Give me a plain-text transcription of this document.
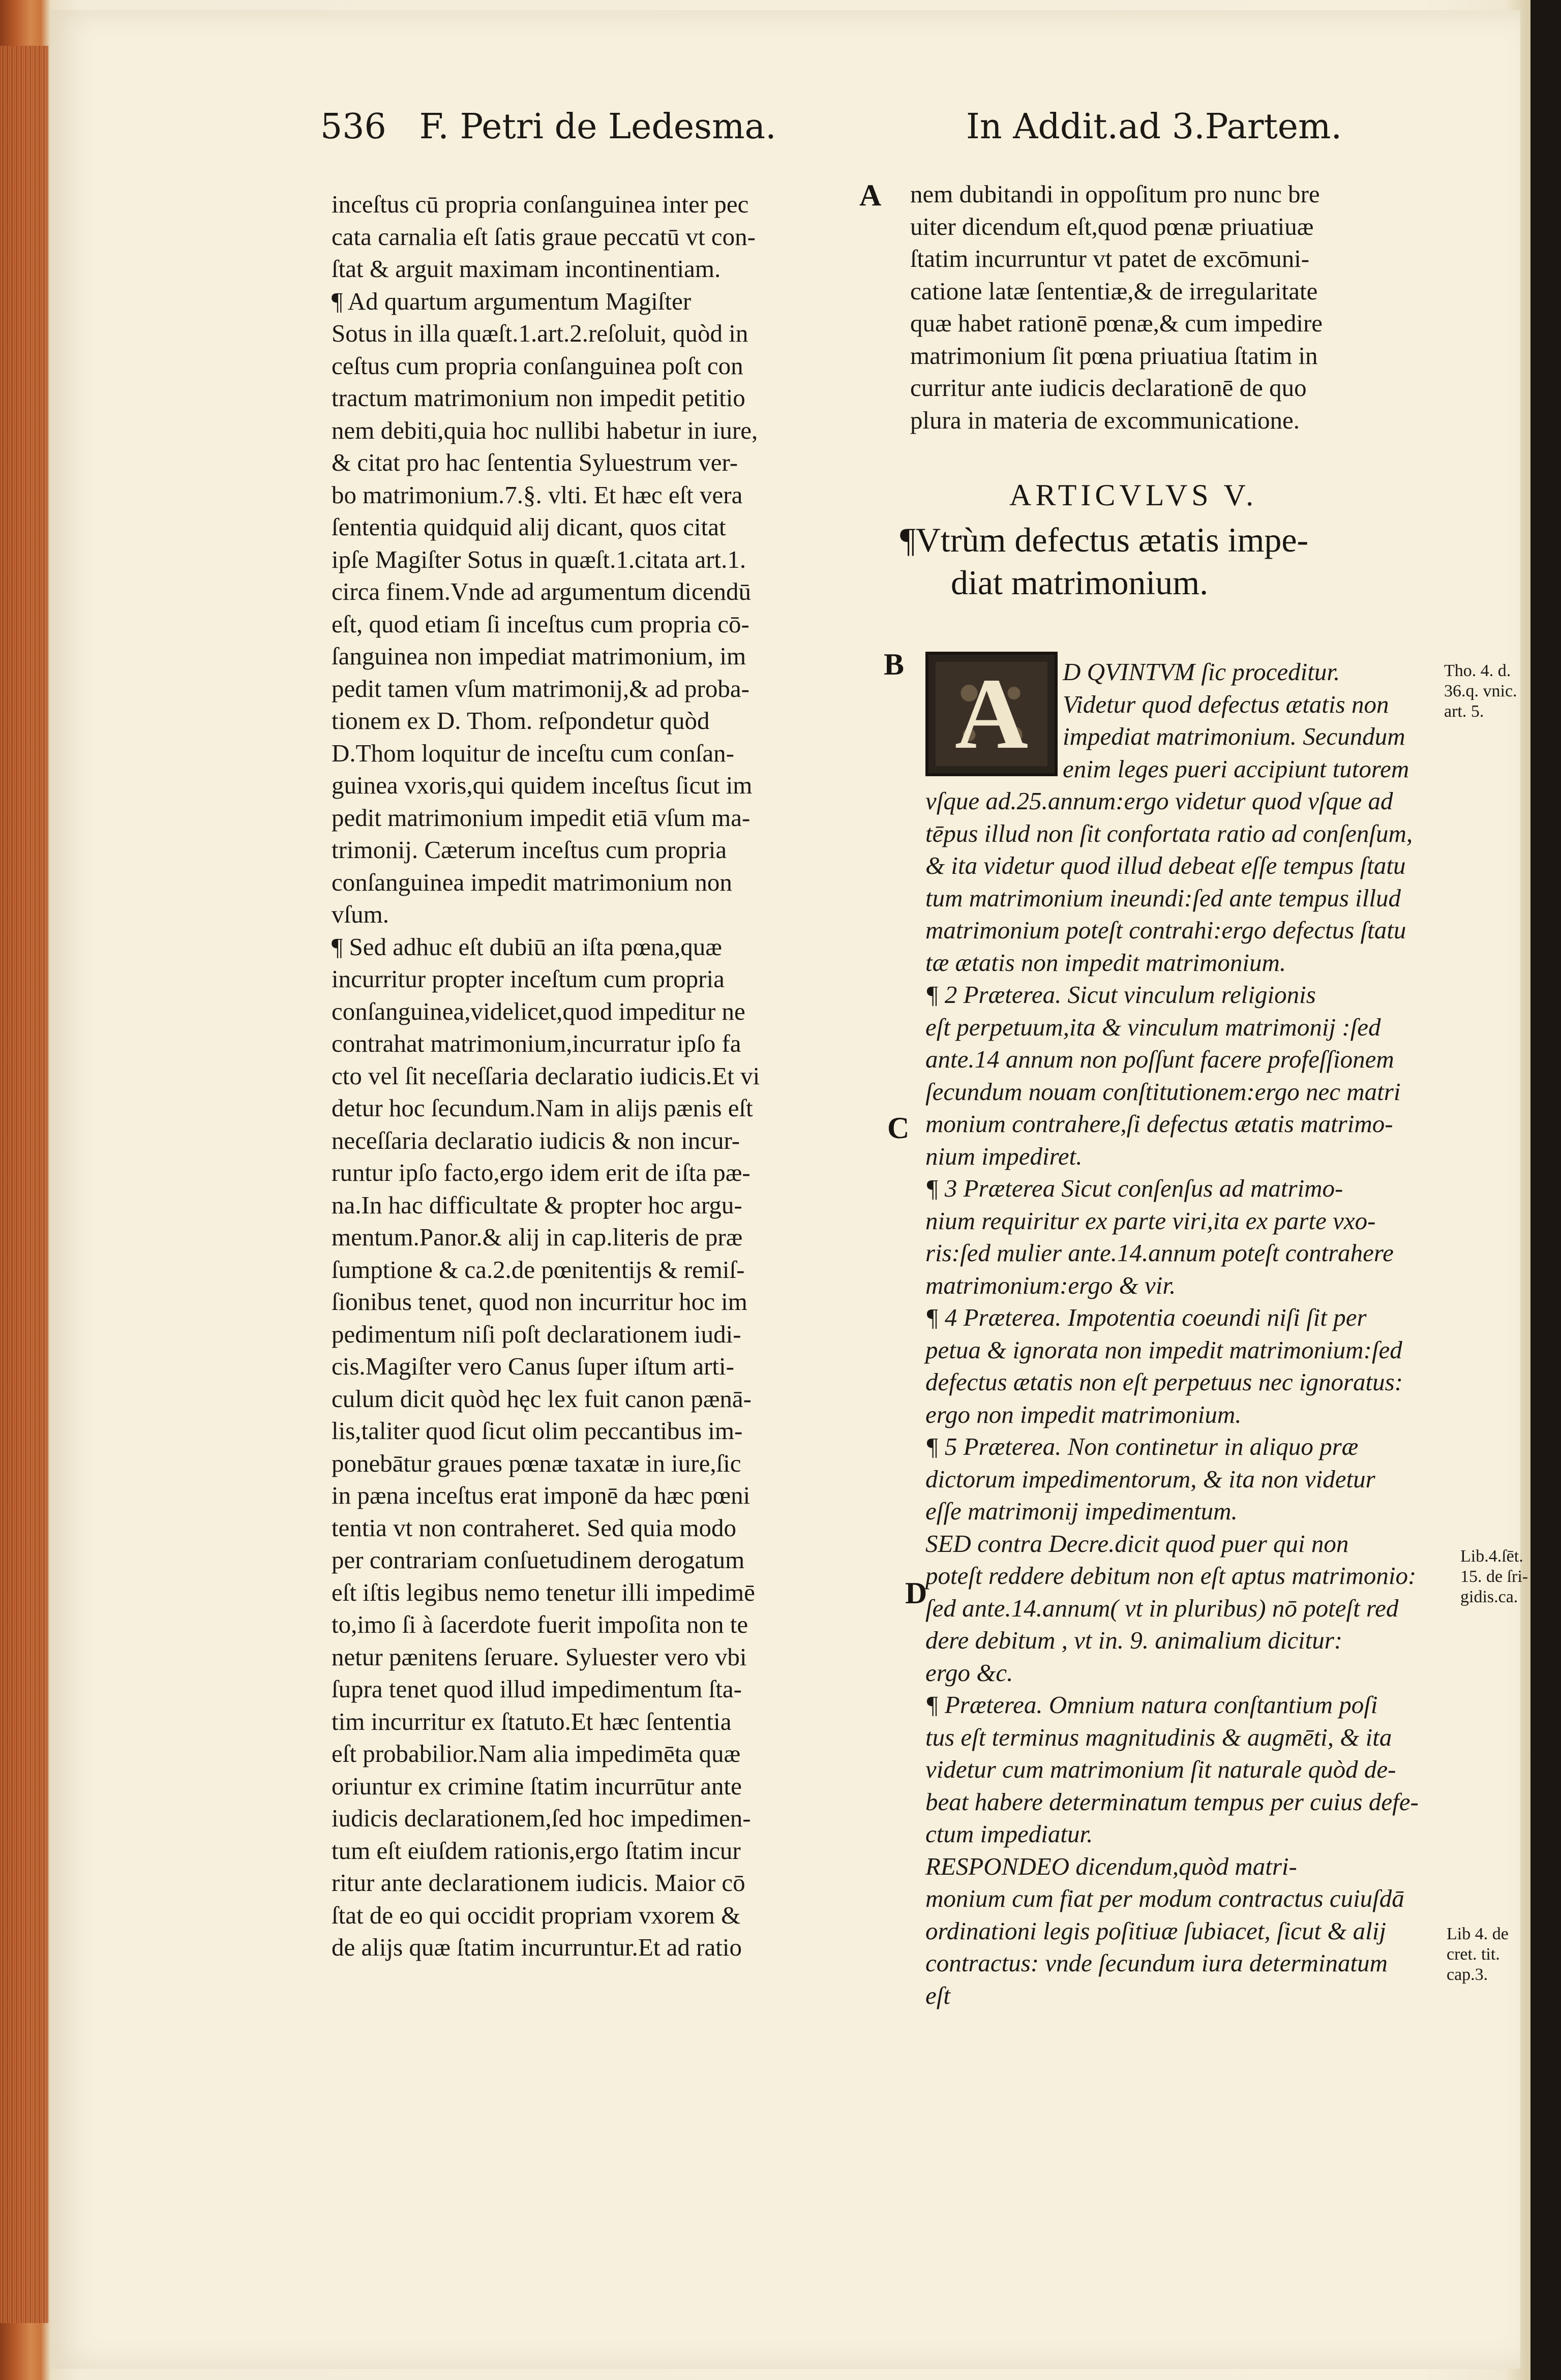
536 F. Petri de Ledesma.	In Addit.ad 3.Partem.
A
B
C
D
inceſtus cū propria conſanguinea inter pec
cata carnalia eſt ſatis graue peccatū vt con-
ſtat & arguit maximam incontinentiam.
¶ Ad quartum argumentum Magiſter
Sotus in illa quæſt.1.art.2.reſoluit, quòd in
ceſtus cum propria conſanguinea poſt con
tractum matrimonium non impedit petitio
nem debiti,quia hoc nullibi habetur in iure,
& citat pro hac ſententia Syluestrum ver-
bo matrimonium.7.§. vlti. Et hæc eſt vera
ſententia quidquid alij dicant, quos citat
ipſe Magiſter Sotus in quæſt.1.citata art.1.
circa finem.Vnde ad argumentum dicendū
eſt, quod etiam ſi inceſtus cum propria cō-
ſanguinea non impediat matrimonium, im
pedit tamen vſum matrimonij,& ad proba-
tionem ex D. Thom. reſpondetur quòd
D.Thom loquitur de inceſtu cum conſan-
guinea vxoris,qui quidem inceſtus ſicut im
pedit matrimonium impedit etiā vſum ma-
trimonij. Cæterum inceſtus cum propria
conſanguinea impedit matrimonium non
vſum.
¶ Sed adhuc eſt dubiū an iſta pœna,quæ
incurritur propter inceſtum cum propria
conſanguinea,videlicet,quod impeditur ne
contrahat matrimonium,incurratur ipſo fa
cto vel ſit neceſſaria declaratio iudicis.Et vi
detur hoc ſecundum.Nam in alijs pænis eſt
neceſſaria declaratio iudicis & non incur-
runtur ipſo facto,ergo idem erit de iſta pæ-
na.In hac difficultate & propter hoc argu-
mentum.Panor.& alij in cap.literis de præ
ſumptione & ca.2.de pœnitentijs & remiſ-
ſionibus tenet, quod non incurritur hoc im
pedimentum niſi poſt declarationem iudi-
cis.Magiſter vero Canus ſuper iſtum arti-
culum dicit quòd hęc lex fuit canon pænā-
lis,taliter quod ſicut olim peccantibus im-
ponebātur graues pœnæ taxatæ in iure,ſic
in pæna inceſtus erat imponē da hæc pœni
tentia vt non contraheret. Sed quia modo
per contrariam conſuetudinem derogatum
eſt iſtis legibus nemo tenetur illi impedimē
to,imo ſi à ſacerdote fuerit impoſita non te
netur pænitens ſeruare. Syluester vero vbi
ſupra tenet quod illud impedimentum ſta-
tim incurritur ex ſtatuto.Et hæc ſententia
eſt probabilior.Nam alia impedimēta quæ
oriuntur ex crimine ſtatim incurrūtur ante
iudicis declarationem,ſed hoc impedimen-
tum eſt eiuſdem rationis,ergo ſtatim incur
ritur ante declarationem iudicis. Maior cō
ſtat de eo qui occidit propriam vxorem &
de alijs quæ ſtatim incurruntur.Et ad ratio
nem dubitandi in oppoſitum pro nunc bre
uiter dicendum eſt,quod pœnæ priuatiuæ
ſtatim incurruntur vt patet de excōmuni-
catione latæ ſententiæ,& de irregularitate
quæ habet rationē pœnæ,& cum impedire
matrimonium ſit pœna priuatiua ſtatim in
curritur ante iudicis declarationē de quo
plura in materia de excommunicatione.
ARTICVLVS V.
¶Vtrùm defectus ætatis impe-
diat matrimonium.
A	D QVINTVM ſic proceditur.
Videtur quod defectus ætatis non
impediat matrimonium. Secundum
enim leges pueri accipiunt tutorem
vſque ad.25.annum:ergo videtur quod vſque ad
tēpus illud non ſit confortata ratio ad conſenſum,
& ita videtur quod illud debeat eſſe tempus ſtatu
tum matrimonium ineundi:ſed ante tempus illud
matrimonium poteſt contrahi:ergo defectus ſtatu
tæ ætatis non impedit matrimonium.
¶ 2 Præterea. Sicut vinculum religionis
eſt perpetuum,ita & vinculum matrimonij :ſed
ante.14 annum non poſſunt facere profeſſionem
ſecundum nouam conſtitutionem:ergo nec matri
monium contrahere,ſi defectus ætatis matrimo-
nium impediret.
¶ 3 Præterea Sicut conſenſus ad matrimo-
nium requiritur ex parte viri,ita ex parte vxo-
ris:ſed mulier ante.14.annum poteſt contrahere
matrimonium:ergo & vir.
¶ 4 Præterea. Impotentia coeundi niſi ſit per
petua & ignorata non impedit matrimonium:ſed
defectus ætatis non eſt perpetuus nec ignoratus:
ergo non impedit matrimonium.
¶ 5 Præterea. Non continetur in aliquo præ
dictorum impedimentorum, & ita non videtur
eſſe matrimonij impedimentum.
SED contra Decre.dicit quod puer qui non
poteſt reddere debitum non eſt aptus matrimonio:
ſed ante.14.annum( vt in pluribus) nō poteſt red
dere debitum , vt in. 9. animalium dicitur:
ergo &c.
¶ Præterea. Omnium natura conſtantium poſi
tus eſt terminus magnitudinis & augmēti, & ita
videtur cum matrimonium ſit naturale quòd de-
beat habere determinatum tempus per cuius defe-
ctum impediatur.
RESPONDEO dicendum,quòd matri-
monium cum fiat per modum contractus cuiuſdā
ordinationi legis poſitiuæ ſubiacet, ſicut & alij
contractus: vnde ſecundum iura determinatum
eſt
Tho. 4. d.
36.q. vnic.
art. 5.
Lib.4.ſēt.
15. de ſri-
gidis.ca.
Lib 4. de
cret. tit.
cap.3.
